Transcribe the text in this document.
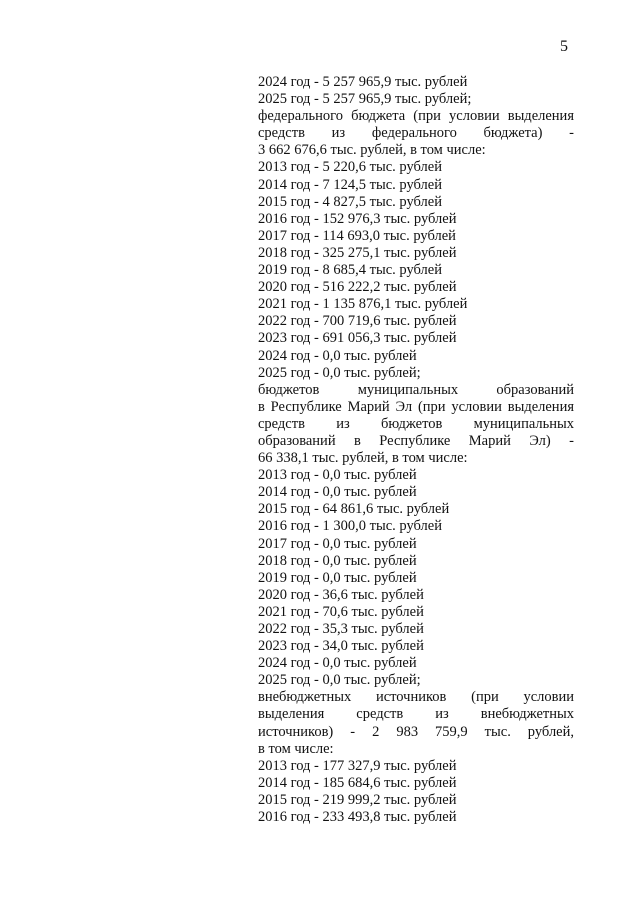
5
2024 год - 5 257 965,9 тыс. рублей
2025 год - 5 257 965,9 тыс. рублей;
федерального бюджета (при условии выделения
средств из федерального бюджета) -
3 662 676,6 тыс. рублей, в том числе:
2013 год - 5 220,6 тыс. рублей
2014 год - 7 124,5 тыс. рублей
2015 год - 4 827,5 тыс. рублей
2016 год - 152 976,3 тыс. рублей
2017 год - 114 693,0 тыс. рублей
2018 год - 325 275,1 тыс. рублей
2019 год - 8 685,4 тыс. рублей
2020 год - 516 222,2 тыс. рублей
2021 год - 1 135 876,1 тыс. рублей
2022 год - 700 719,6 тыс. рублей
2023 год - 691 056,3 тыс. рублей
2024 год - 0,0 тыс. рублей
2025 год - 0,0 тыс. рублей;
бюджетов муниципальных образований
в Республике Марий Эл (при условии выделения
средств из бюджетов муниципальных
образований в Республике Марий Эл) -
66 338,1 тыс. рублей, в том числе:
2013 год - 0,0 тыс. рублей
2014 год - 0,0 тыс. рублей
2015 год - 64 861,6 тыс. рублей
2016 год - 1 300,0 тыс. рублей
2017 год - 0,0 тыс. рублей
2018 год - 0,0 тыс. рублей
2019 год - 0,0 тыс. рублей
2020 год - 36,6 тыс. рублей
2021 год - 70,6 тыс. рублей
2022 год - 35,3 тыс. рублей
2023 год - 34,0 тыс. рублей
2024 год - 0,0 тыс. рублей
2025 год - 0,0 тыс. рублей;
внебюджетных источников (при условии
выделения средств из внебюджетных
источников) - 2 983 759,9 тыс. рублей,
в том числе:
2013 год - 177 327,9 тыс. рублей
2014 год - 185 684,6 тыс. рублей
2015 год - 219 999,2 тыс. рублей
2016 год - 233 493,8 тыс. рублей
